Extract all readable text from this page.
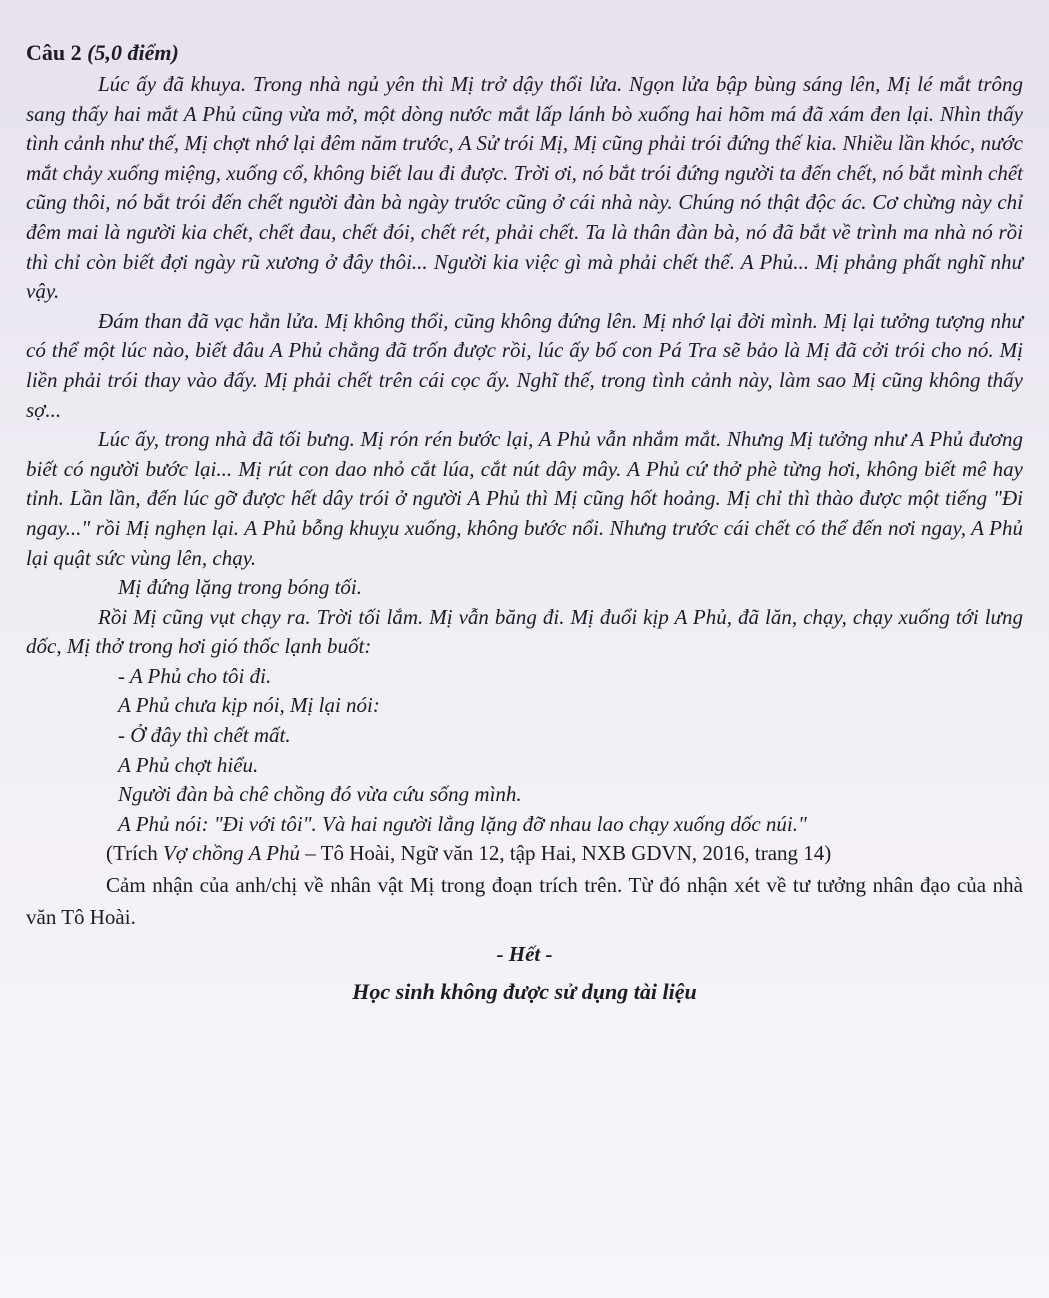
Câu 2 (5,0 điểm)

Lúc ấy đã khuya. Trong nhà ngủ yên thì Mị trở dậy thổi lửa. Ngọn lửa bập bùng sáng lên, Mị lé mắt trông sang thấy hai mắt A Phủ cũng vừa mở, một dòng nước mắt lấp lánh bò xuống hai hõm má đã xám đen lại. Nhìn thấy tình cảnh như thế, Mị chợt nhớ lại đêm năm trước, A Sử trói Mị, Mị cũng phải trói đứng thế kia. Nhiều lần khóc, nước mắt chảy xuống miệng, xuống cổ, không biết lau đi được. Trời ơi, nó bắt trói đứng người ta đến chết, nó bắt mình chết cũng thôi, nó bắt trói đến chết người đàn bà ngày trước cũng ở cái nhà này. Chúng nó thật độc ác. Cơ chừng này chỉ đêm mai là người kia chết, chết đau, chết đói, chết rét, phải chết. Ta là thân đàn bà, nó đã bắt về trình ma nhà nó rồi thì chỉ còn biết đợi ngày rũ xương ở đây thôi... Người kia việc gì mà phải chết thế. A Phủ... Mị phảng phất nghĩ như vậy.

Đám than đã vạc hẳn lửa. Mị không thổi, cũng không đứng lên. Mị nhớ lại đời mình. Mị lại tưởng tượng như có thể một lúc nào, biết đâu A Phủ chẳng đã trốn được rồi, lúc ấy bố con Pá Tra sẽ bảo là Mị đã cởi trói cho nó. Mị liền phải trói thay vào đấy. Mị phải chết trên cái cọc ấy. Nghĩ thế, trong tình cảnh này, làm sao Mị cũng không thấy sợ...

Lúc ấy, trong nhà đã tối bưng. Mị rón rén bước lại, A Phủ vẫn nhắm mắt. Nhưng Mị tưởng như A Phủ đương biết có người bước lại... Mị rút con dao nhỏ cắt lúa, cắt nút dây mây. A Phủ cứ thở phè từng hơi, không biết mê hay tỉnh. Lần lần, đến lúc gỡ được hết dây trói ở người A Phủ thì Mị cũng hốt hoảng. Mị chỉ thì thào được một tiếng "Đi ngay..." rồi Mị nghẹn lại. A Phủ bỗng khuỵu xuống, không bước nổi. Nhưng trước cái chết có thể đến nơi ngay, A Phủ lại quật sức vùng lên, chạy.

Mị đứng lặng trong bóng tối.

Rồi Mị cũng vụt chạy ra. Trời tối lắm. Mị vẫn băng đi. Mị đuổi kịp A Phủ, đã lăn, chạy, chạy xuống tới lưng dốc, Mị thở trong hơi gió thốc lạnh buốt:

- A Phủ cho tôi đi.

A Phủ chưa kịp nói, Mị lại nói:

- Ở đây thì chết mất.

A Phủ chợt hiểu.

Người đàn bà chê chồng đó vừa cứu sống mình.

A Phủ nói: "Đi với tôi". Và hai người lẳng lặng đỡ nhau lao chạy xuống dốc núi."

(Trích Vợ chồng A Phủ – Tô Hoài, Ngữ văn 12, tập Hai, NXB GDVN, 2016, trang 14)

Cảm nhận của anh/chị về nhân vật Mị trong đoạn trích trên. Từ đó nhận xét về tư tưởng nhân đạo của nhà văn Tô Hoài.

- Hết -

Học sinh không được sử dụng tài liệu
